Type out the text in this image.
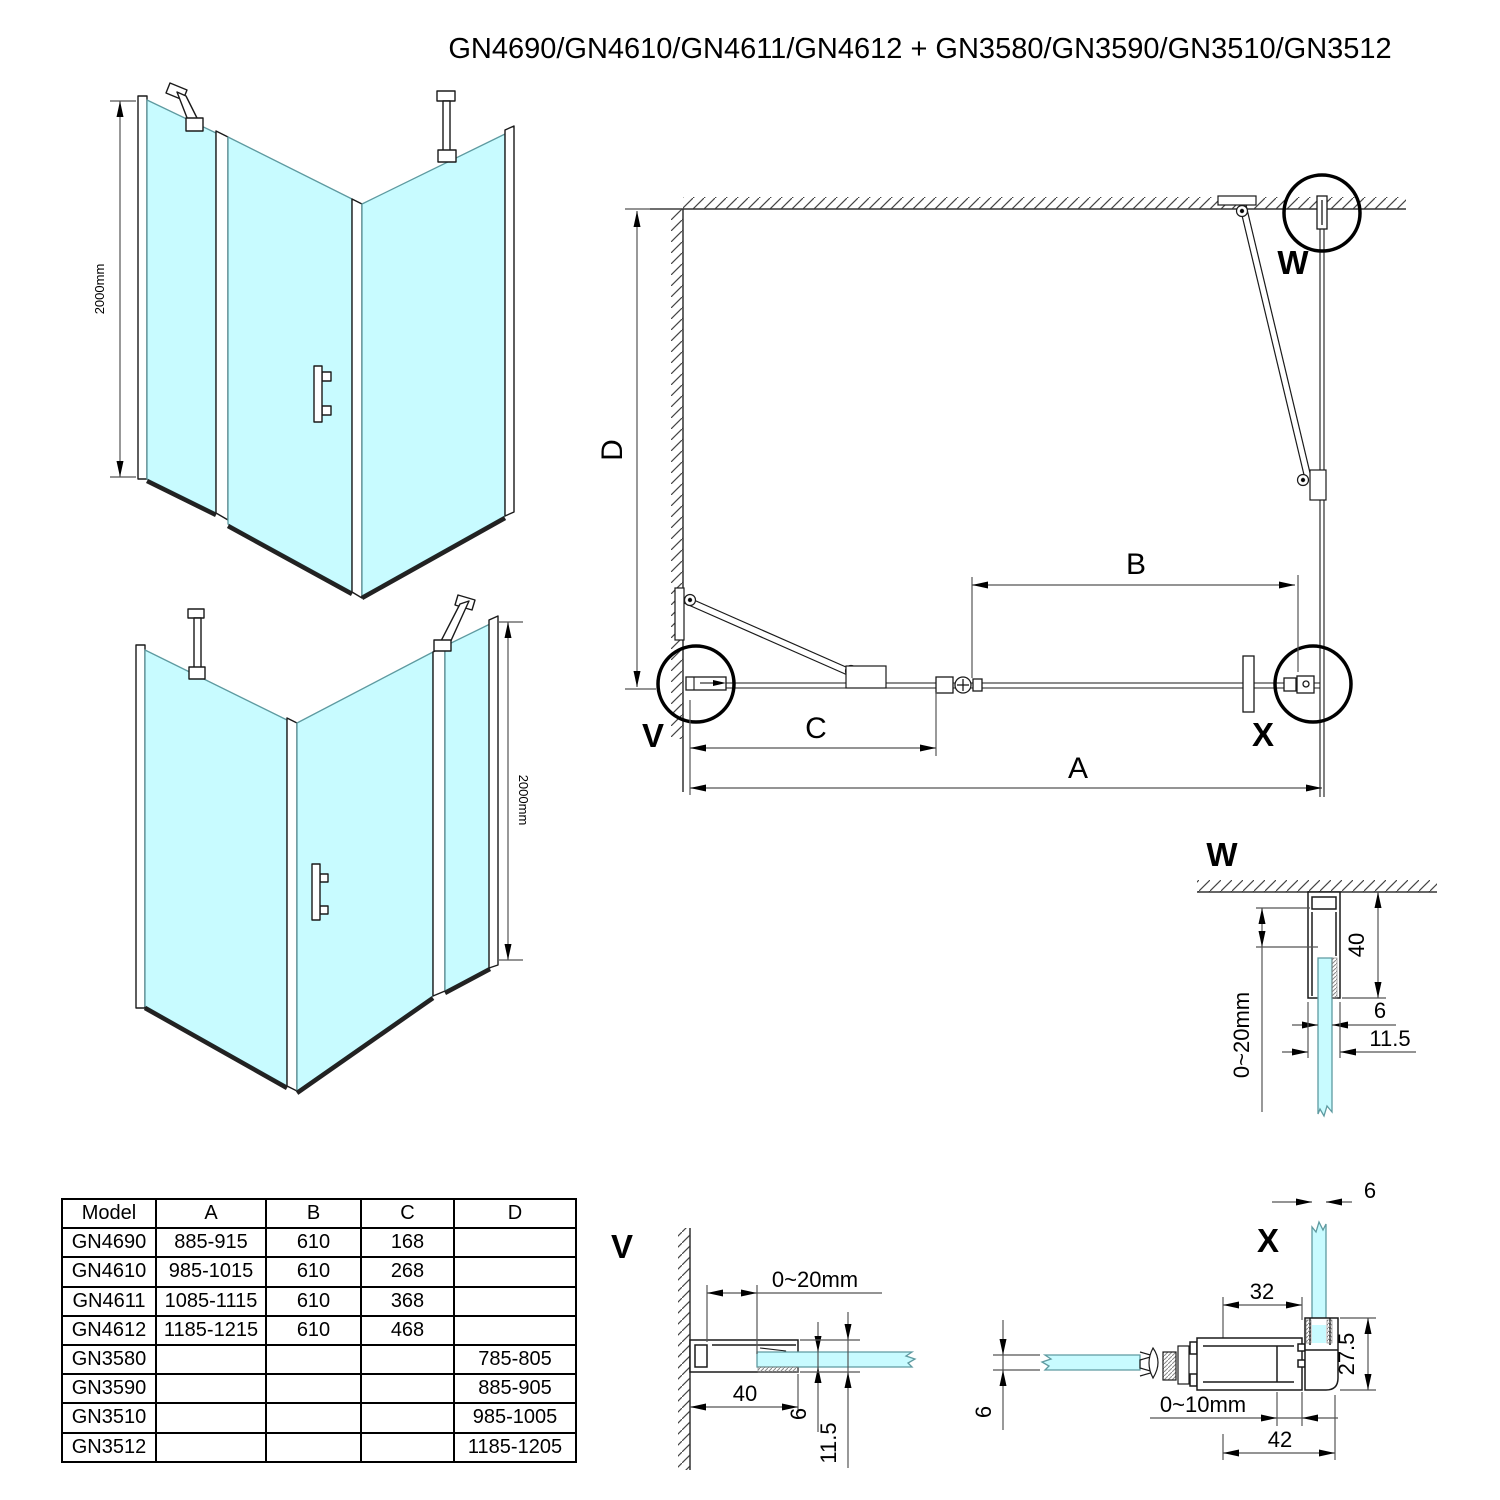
GN4690/GN4610/GN4611/GN4612 + GN3580/GN3590/GN3510/GN3512
2000mm
2000mm
V
W
X
D
B
C
A
W
0~20mm
40
6
11.5
V
0~20mm
40
6
11.5
X
6
32
27.5
6	0~10mm
42
Model	A	B	C	D
GN4690	885-915	610	168	
GN4610	985-1015	610	268	
GN4611	1085-1115	610	368	
GN4612	1185-1215	610	468	
GN3580				785-805
GN3590				885-905
GN3510				985-1005
GN3512				1185-1205
